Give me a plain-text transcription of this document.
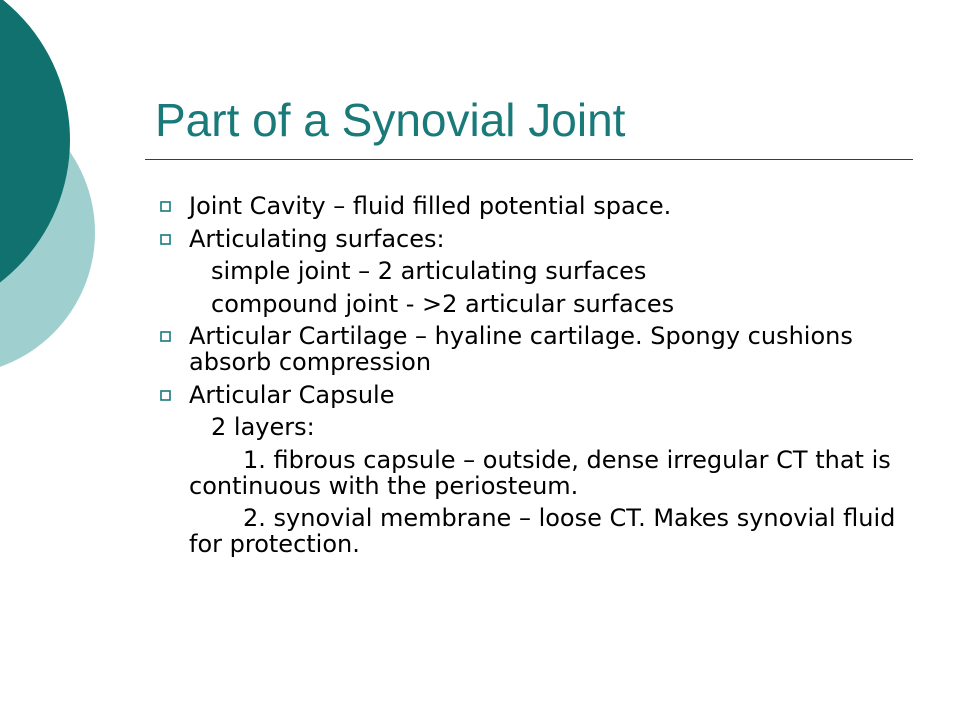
Part of a Synovial Joint
Joint Cavity – fluid filled potential space.
Articulating surfaces:
simple joint – 2 articulating surfaces
compound joint - >2 articular surfaces
Articular Cartilage – hyaline cartilage. Spongy cushions absorb compression
Articular Capsule
2 layers:
1. fibrous capsule – outside, dense irregular CT that is continuous with the periosteum.
2. synovial membrane – loose CT. Makes synovial fluid for protection.
